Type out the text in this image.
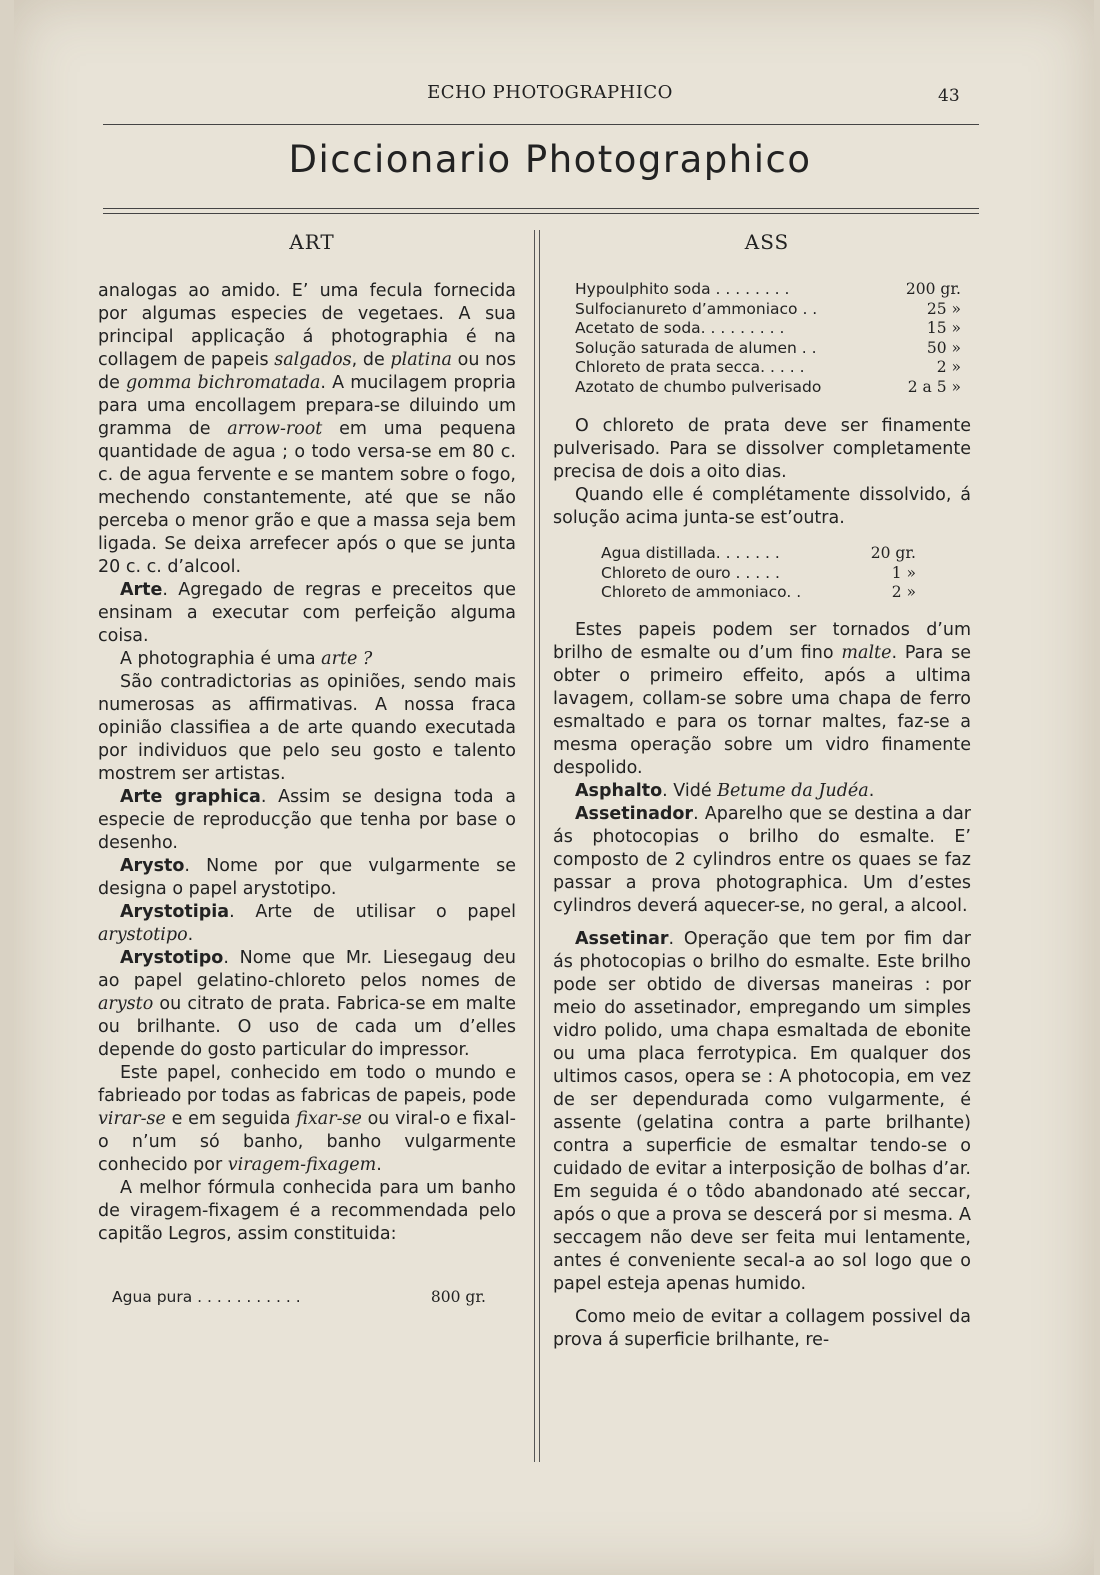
ECHO PHOTOGRAPHICO	43
Diccionario Photographico
ART	ASS

analogas ao amido. E’ uma fecula fornecida por algumas especies de vegetaes. A sua principal applicação á photographia é na collagem de papeis salgados, de platina ou nos de gomma bichromatada. A mucilagem propria para uma encollagem prepara-se diluindo um gramma de arrow-root em uma pequena quantidade de agua ; o todo versa-se em 80 c. c. de agua fervente e se mantem sobre o fogo, mechendo constantemente, até que se não perceba o menor grão e que a massa seja bem ligada. Se deixa arrefecer após o que se junta 20 c. c. d’alcool.

Arte. Agregado de regras e preceitos que ensinam a executar com perfeição alguma coisa.

A photographia é uma arte ?

São contradictorias as opiniões, sendo mais numerosas as affirmativas. A nossa fraca opinião classifiea a de arte quando executada por individuos que pelo seu gosto e talento mostrem ser artistas.

Arte graphica. Assim se designa toda a especie de reproducção que tenha por base o desenho.

Arysto. Nome por que vulgarmente se designa o papel arystotipo.

Arystotipia. Arte de utilisar o papel arystotipo.

Arystotipo. Nome que Mr. Liesegaug deu ao papel gelatino-chloreto pelos nomes de arysto ou citrato de prata. Fabrica-se em malte ou brilhante. O uso de cada um d’elles depende do gosto particular do impressor.

Este papel, conhecido em todo o mundo e fabrieado por todas as fabricas de papeis, pode virar-se e em seguida fixar-se ou viral-o e fixal-o n’um só banho, banho vulgarmente conhecido por viragem-fixagem.

A melhor fórmula conhecida para um banho de viragem-fixagem é a recommendada pelo capitão Legros, assim constituida:

Agua pura . . . . . . . . . . .	800 gr.
Hypoulphito soda . . . . . . . .	200 gr.
Sulfocianureto d’ammoniaco . .	25 »
Acetato de soda. . . . . . . . .	15 »
Solução saturada de alumen . .	50 »
Chloreto de prata secca. . . . .	2 »
Azotato de chumbo pulverisado	2 a 5 »

O chloreto de prata deve ser finamente pulverisado. Para se dissolver completamente precisa de dois a oito dias.

Quando elle é complétamente dissolvido, á solução acima junta-se est’outra.

Agua distillada. . . . . . .	20 gr.
Chloreto de ouro . . . . .	1 »
Chloreto de ammoniaco. .	2 »

Estes papeis podem ser tornados d’um brilho de esmalte ou d’um fino malte. Para se obter o primeiro effeito, após a ultima lavagem, collam-se sobre uma chapa de ferro esmaltado e para os tornar maltes, faz-se a mesma operação sobre um vidro finamente despolido.

Asphalto. Vidé Betume da Judéa.

Assetinador. Aparelho que se destina a dar ás photocopias o brilho do esmalte. E’ composto de 2 cylindros entre os quaes se faz passar a prova photographica. Um d’estes cylindros deverá aquecer-se, no geral, a alcool.

Assetinar. Operação que tem por fim dar ás photocopias o brilho do esmalte. Este brilho pode ser obtido de diversas maneiras : por meio do assetinador, empregando um simples vidro polido, uma chapa esmaltada de ebonite ou uma placa ferrotypica. Em qualquer dos ultimos casos, opera se : A photocopia, em vez de ser dependurada como vulgarmente, é assente (gelatina contra a parte brilhante) contra a superficie de esmaltar tendo-se o cuidado de evitar a interposição de bolhas d’ar. Em seguida é o tôdo abandonado até seccar, após o que a prova se descerá por si mesma. A seccagem não deve ser feita mui lentamente, antes é conveniente secal-a ao sol logo que o papel esteja apenas humido.

Como meio de evitar a collagem possivel da prova á superficie brilhante, re-
